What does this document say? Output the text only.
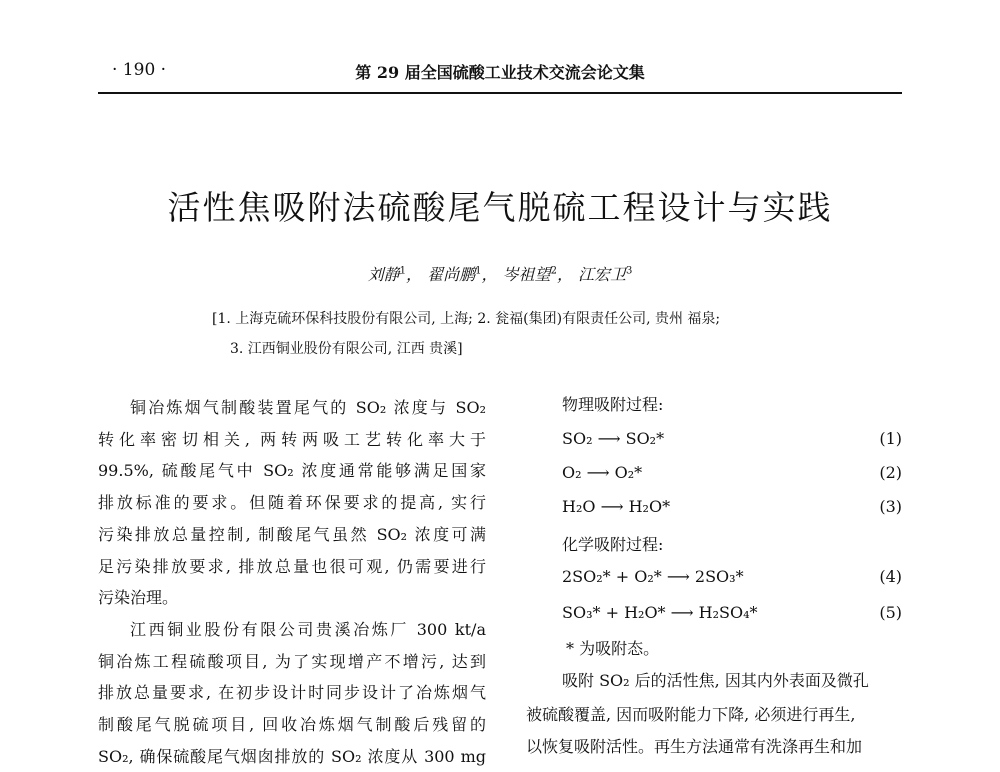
· 190 ·	第 29 届全国硫酸工业技术交流会论文集
活性焦吸附法硫酸尾气脱硫工程设计与实践
刘静$^1$， 翟尚鹏$^1$， 岑祖望$^2$， 江宏卫$^3$
[1. 上海克硫环保科技股份有限公司, 上海; 2. 瓮福(集团)有限责任公司, 贵州 福泉;
3. 江西铜业股份有限公司, 江西 贵溪]

铜冶炼烟气制酸装置尾气的 SO₂ 浓度与 SO₂
转化率密切相关, 两转两吸工艺转化率大于
99.5%, 硫酸尾气中 SO₂ 浓度通常能够满足国家
排放标准的要求。但随着环保要求的提高, 实行
污染排放总量控制, 制酸尾气虽然 SO₂ 浓度可满
足污染排放要求, 排放总量也很可观, 仍需要进行
污染治理。

江西铜业股份有限公司贵溪冶炼厂 300 kt/a
铜冶炼工程硫酸项目, 为了实现增产不增污, 达到
排放总量要求, 在初步设计时同步设计了冶炼烟气
制酸尾气脱硫项目, 回收冶炼烟气制酸后残留的
SO₂, 确保硫酸尾气烟囱排放的 SO₂ 浓度从 300 mg

物理吸附过程:
SO₂ ⟶ SO₂*	(1)
O₂ ⟶ O₂*	(2)
H₂O ⟶ H₂O*	(3)
化学吸附过程:
2SO₂* + O₂* ⟶ 2SO₃*	(4)
SO₃* + H₂O* ⟶ H₂SO₄*	(5)
* 为吸附态。
吸附 SO₂ 后的活性焦, 因其内外表面及微孔
被硫酸覆盖, 因而吸附能力下降, 必须进行再生,
以恢复吸附活性。再生方法通常有洗涤再生和加
